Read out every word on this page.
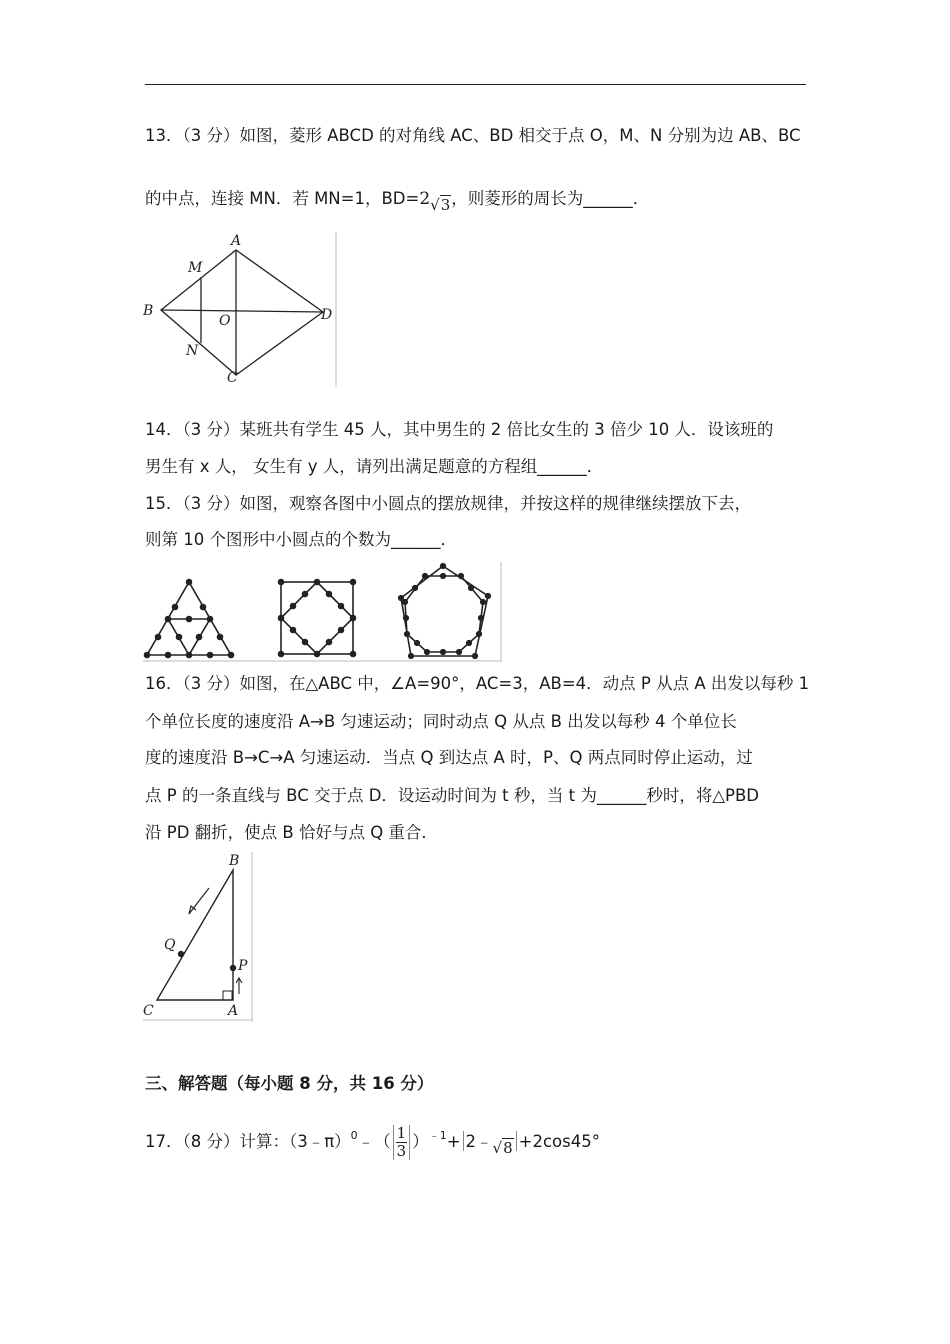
13．（3 分）如图，菱形 ABCD 的对角线 AC、BD 相交于点 O，M、N 分别为边 AB、BC
的中点，连接 MN．若 MN=1，BD=2√3，则菱形的周长为______．
A
B
C
D
O
M
N
14．（3 分）某班共有学生 45 人，其中男生的 2 倍比女生的 3 倍少 10 人．设该班的
男生有 x 人， 女生有 y 人，请列出满足题意的方程组______．
15．（3 分）如图，观察各图中小圆点的摆放规律，并按这样的规律继续摆放下去，
则第 10 个图形中小圆点的个数为______．
16．（3 分）如图，在△ABC 中，∠A=90°，AC=3，AB=4．动点 P 从点 A 出发以每秒 1
个单位长度的速度沿 A→B 匀速运动；同时动点 Q 从点 B 出发以每秒 4 个单位长
度的速度沿 B→C→A 匀速运动．当点 Q 到达点 A 时，P、Q 两点同时停止运动，过
点 P 的一条直线与 BC 交于点 D．设运动时间为 t 秒，当 t 为______秒时，将△PBD
沿 PD 翻折，使点 B 恰好与点 Q 重合．
B
Q
P
C	A
三、解答题（每小题 8 分，共 16 分）
17．（8 分）计算：（3﹣π）$^0$﹣（ $\frac{1}{3} )^{﹣1}+$ 2﹣√8 +2cos45°
